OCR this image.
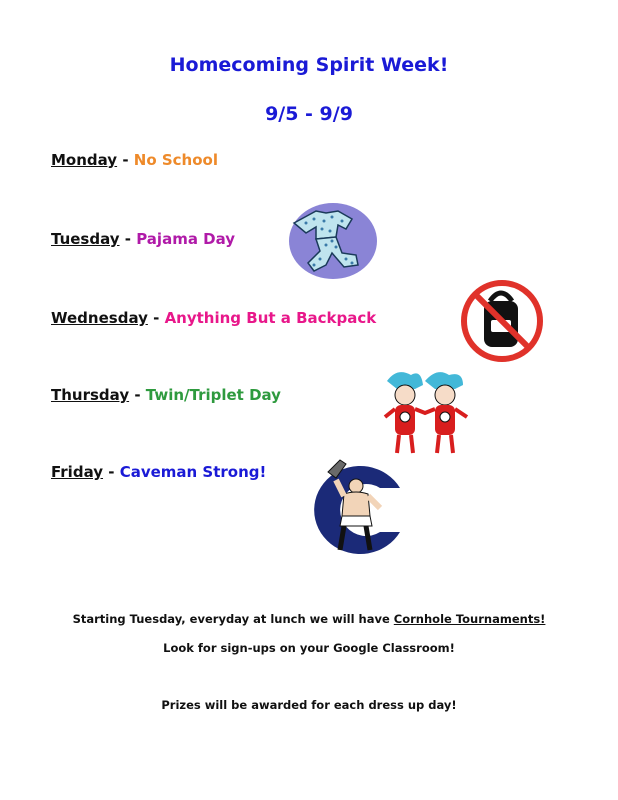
Homecoming Spirit Week!
9/5 - 9/9
Monday - No School
Tuesday - Pajama Day
Wednesday - Anything But a Backpack
Thursday - Twin/Triplet Day
Friday - Caveman Strong!
Starting Tuesday, everyday at lunch we will have Cornhole Tournaments!
Look for sign-ups on your Google Classroom!
Prizes will be awarded for each dress up day!
